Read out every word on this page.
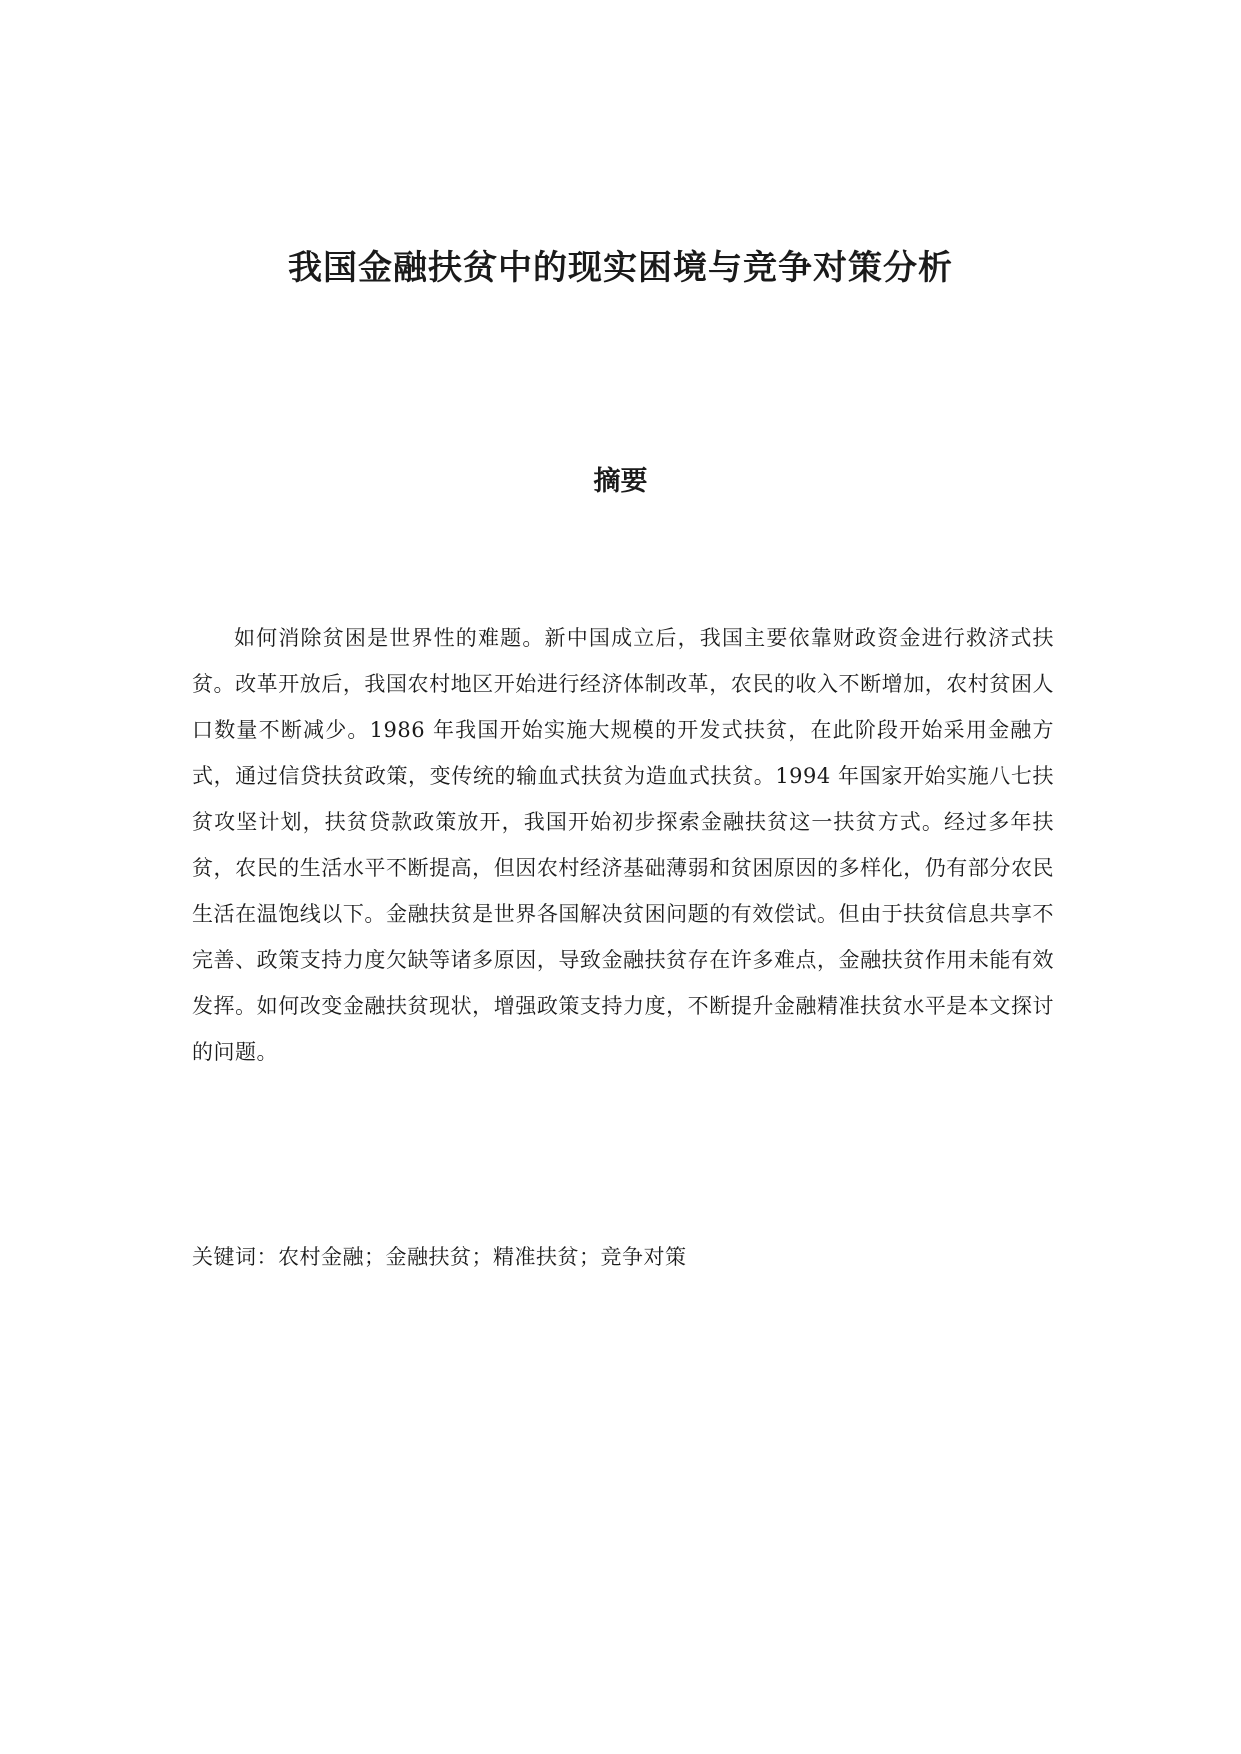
我国金融扶贫中的现实困境与竞争对策分析
摘要

如何消除贫困是世界性的难题。新中国成立后，我国主要依靠财政资金进行救济式扶贫。改革开放后，我国农村地区开始进行经济体制改革，农民的收入不断增加，农村贫困人口数量不断减少。1986 年我国开始实施大规模的开发式扶贫，在此阶段开始采用金融方式，通过信贷扶贫政策，变传统的输血式扶贫为造血式扶贫。1994 年国家开始实施八七扶贫攻坚计划，扶贫贷款政策放开，我国开始初步探索金融扶贫这一扶贫方式。经过多年扶贫，农民的生活水平不断提高，但因农村经济基础薄弱和贫困原因的多样化，仍有部分农民生活在温饱线以下。金融扶贫是世界各国解决贫困问题的有效偿试。但由于扶贫信息共享不完善、政策支持力度欠缺等诸多原因，导致金融扶贫存在许多难点，金融扶贫作用未能有效发挥。如何改变金融扶贫现状，增强政策支持力度，不断提升金融精准扶贫水平是本文探讨的问题。

关键词：农村金融；金融扶贫；精准扶贫；竞争对策
